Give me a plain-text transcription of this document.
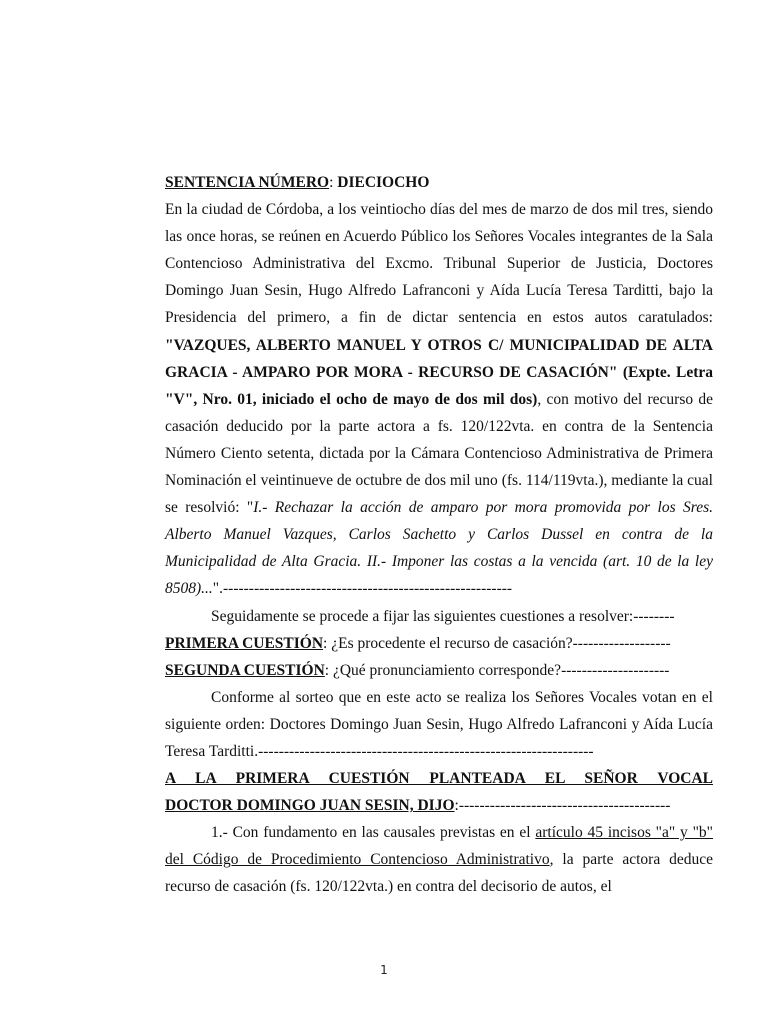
SENTENCIA NÚMERO: DIECIOCHO

En la ciudad de Córdoba, a los veintiocho días del mes de marzo de dos mil tres, siendo las once horas, se reúnen en Acuerdo Público los Señores Vocales integrantes de la Sala Contencioso Administrativa del Excmo. Tribunal Superior de Justicia, Doctores Domingo Juan Sesin, Hugo Alfredo Lafranconi y Aída Lucía Teresa Tarditti, bajo la Presidencia del primero, a fin de dictar sentencia en estos autos caratulados: "VAZQUES, ALBERTO MANUEL Y OTROS C/ MUNICIPALIDAD DE ALTA GRACIA - AMPARO POR MORA - RECURSO DE CASACIÓN" (Expte. Letra "V", Nro. 01, iniciado el ocho de mayo de dos mil dos), con motivo del recurso de casación deducido por la parte actora a fs. 120/122vta. en contra de la Sentencia Número Ciento setenta, dictada por la Cámara Contencioso Administrativa de Primera Nominación el veintinueve de octubre de dos mil uno (fs. 114/119vta.), mediante la cual se resolvió: "I.- Rechazar la acción de amparo por mora promovida por los Sres. Alberto Manuel Vazques, Carlos Sachetto y Carlos Dussel en contra de la Municipalidad de Alta Gracia. II.- Imponer las costas a la vencida (art. 10 de la ley 8508)...".--------------------------------------------------------

Seguidamente se procede a fijar las siguientes cuestiones a resolver:--------

PRIMERA CUESTIÓN: ¿Es procedente el recurso de casación?-------------------

SEGUNDA CUESTIÓN: ¿Qué pronunciamiento corresponde?---------------------

Conforme al sorteo que en este acto se realiza los Señores Vocales votan en el siguiente orden: Doctores Domingo Juan Sesin, Hugo Alfredo Lafranconi y Aída Lucía Teresa Tarditti.-----------------------------------------------------------------

A LA PRIMERA CUESTIÓN PLANTEADA EL SEÑOR VOCAL

DOCTOR DOMINGO JUAN SESIN, DIJO:-----------------------------------------

1.- Con fundamento en las causales previstas en el artículo 45 incisos "a" y "b" del Código de Procedimiento Contencioso Administrativo, la parte actora deduce recurso de casación (fs. 120/122vta.) en contra del decisorio de autos, el

1
